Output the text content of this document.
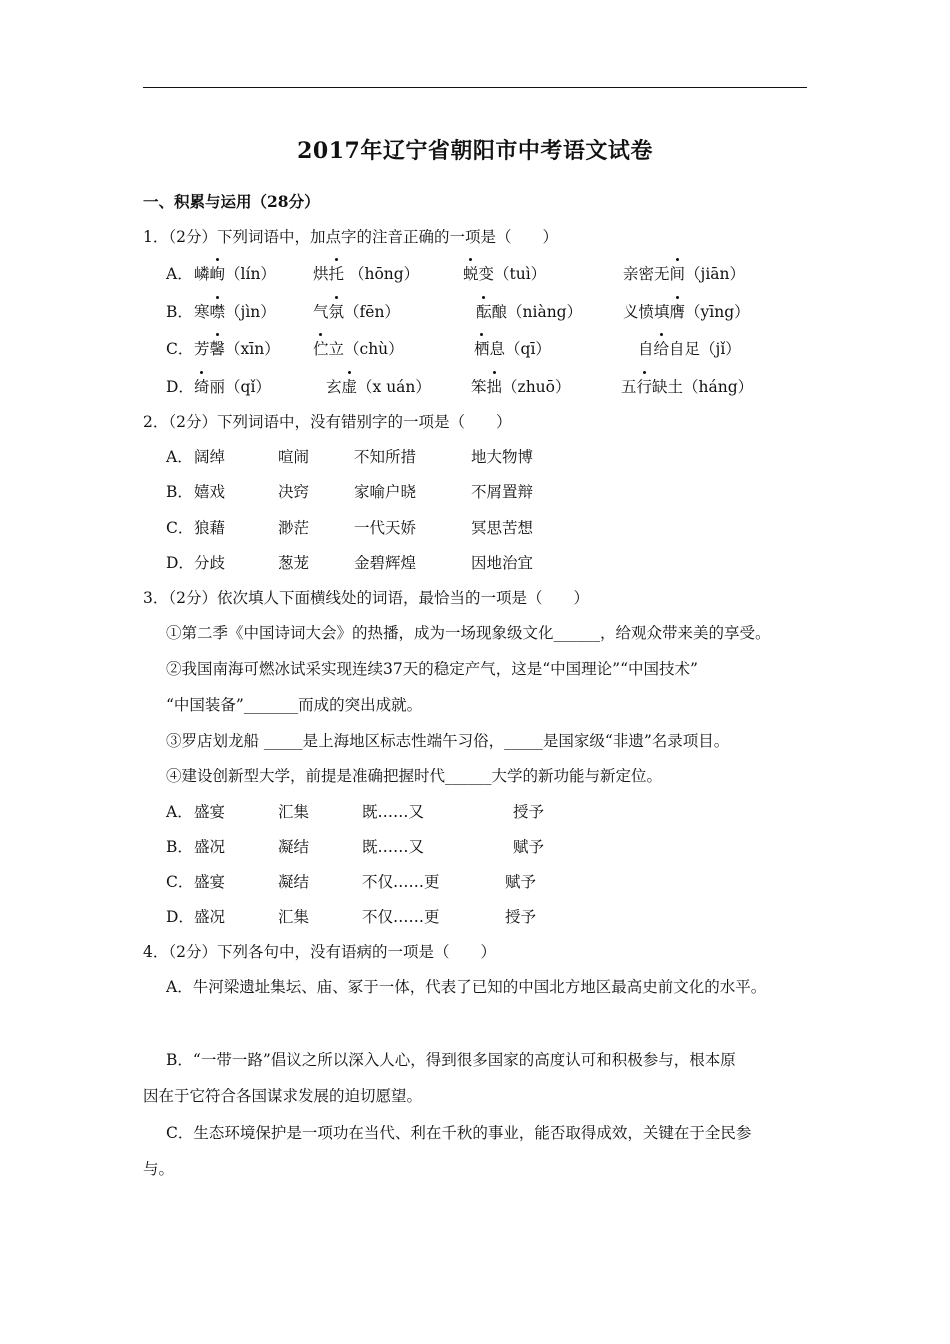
2017年辽宁省朝阳市中考语文试卷
一、积累与运用（28分）
1．（2分）下列词语中，加点字的注音正确的一项是（　　）
A． 嶙峋（lín） 烘托 （hōng）	蜕变（tuì）	亲密无间（jiān）
B． 寒噤（jìn） 气氛（fēn）	酝酿（niàng）	义愤填膺（yīng）
C． 芳馨（xīn） 伫立（chù）	栖息（qī）	自给自足（jǐ）
D． 绮丽（qǐ）	玄虚（x uán）	笨拙（zhuō）	五行缺土（háng）
2．（2分）下列词语中，没有错别字的一项是（　　）
A． 阔绰	喧闹	不知所措	地大物博
B． 嬉戏	决窍	家喻户晓	不屑置辩
C． 狼藉	渺茫	一代天娇	冥思苦想
D． 分歧	葱茏	金碧辉煌	因地治宜
3．（2分）依次填人下面横线处的词语，最恰当的一项是（　　）
①第二季《中国诗词大会》的热播，成为一场现象级文化______，给观众带来美的享受。
②我国南海可燃冰试采实现连续37天的稳定产气，这是“中国理论”“中国技术”
“中国装备”_______而成的突出成就。
③罗店划龙船 _____是上海地区标志性端午习俗，_____是国家级“非遗”名录项目。
④建设创新型大学，前提是准确把握时代______大学的新功能与新定位。
A． 盛宴	汇集	既……又	授予
B． 盛况	凝结	既……又	赋予
C． 盛宴	凝结	不仅……更	赋予
D． 盛况	汇集	不仅……更	授予
4．（2分）下列各句中，没有语病的一项是（　　）
A．牛河梁遗址集坛、庙、冢于一体，代表了已知的中国北方地区最高史前文化的水平。
B．“一带一路”倡议之所以深入人心，得到很多国家的高度认可和积极参与，根本原
因在于它符合各国谋求发展的迫切愿望。
C．生态环境保护是一项功在当代、利在千秋的事业，能否取得成效，关键在于全民参
与。
